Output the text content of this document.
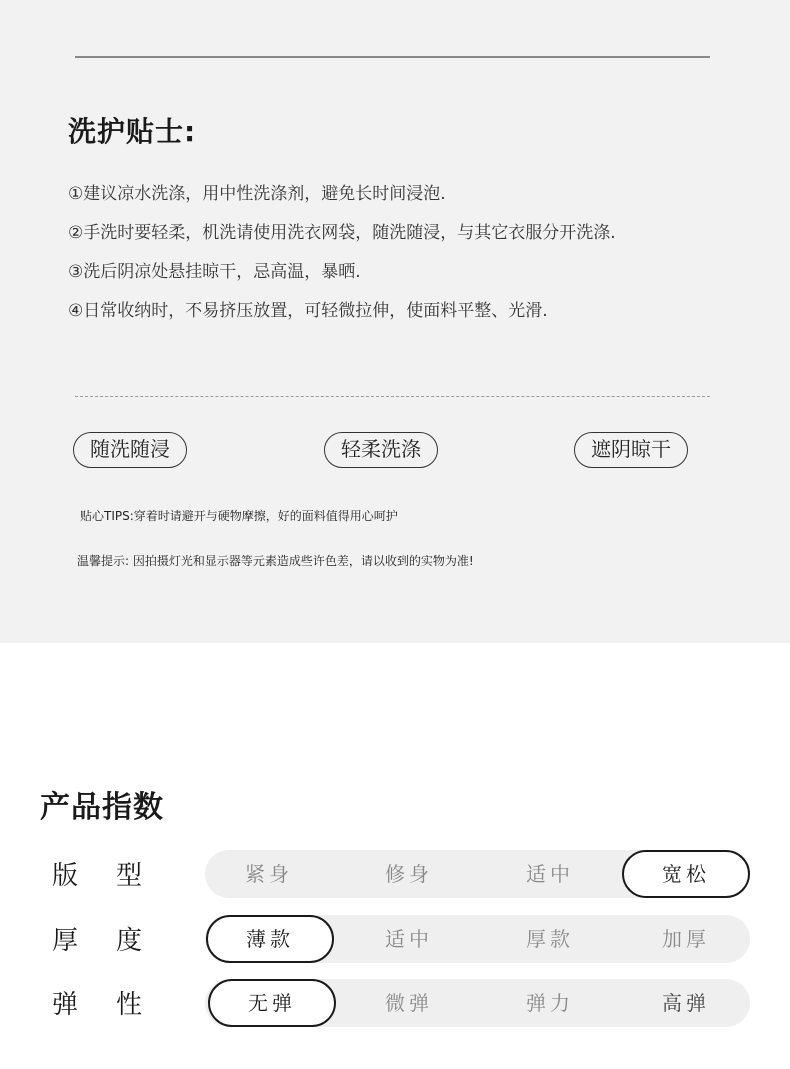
洗护贴士:
①建议凉水洗涤，用中性洗涤剂，避免长时间浸泡.
②手洗时要轻柔，机洗请使用洗衣网袋，随洗随浸，与其它衣服分开洗涤.
③洗后阴凉处悬挂晾干，忌高温，暴晒.
④日常收纳时，不易挤压放置，可轻微拉伸，使面料平整、光滑.
随洗随浸	轻柔洗涤	遮阴晾干

贴心TIPS:穿着时请避开与硬物摩擦，好的面料值得用心呵护

温馨提示: 因拍摄灯光和显示器等元素造成些许色差，请以收到的实物为准!

产品指数
版型	紧身	修身	适中	宽松
厚度	薄款	适中	厚款	加厚
弹性	无弹	微弹	弹力	高弹
